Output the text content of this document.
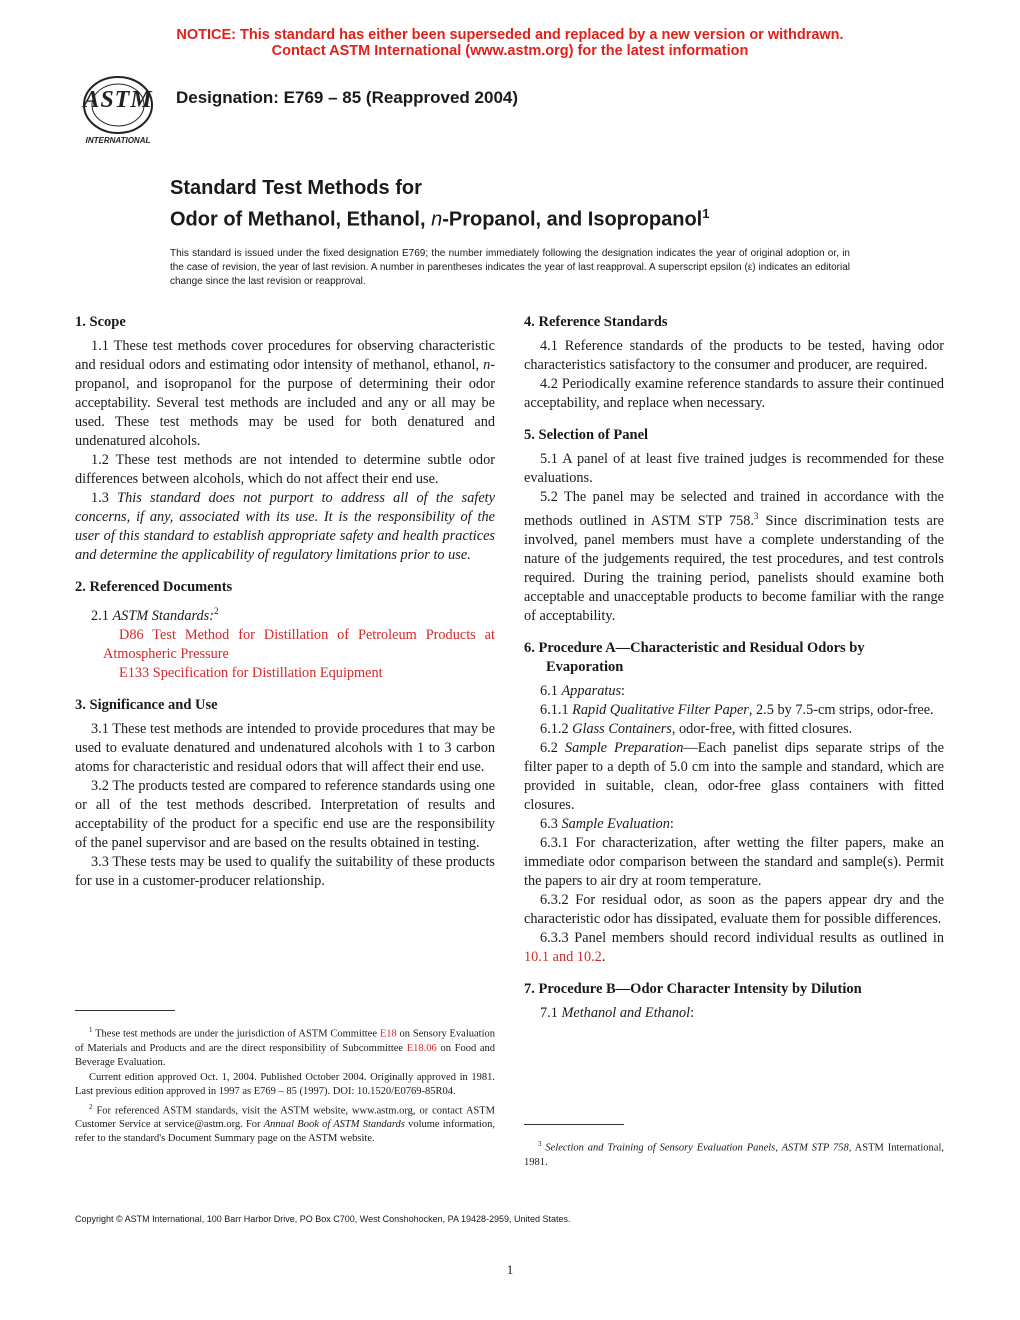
NOTICE: This standard has either been superseded and replaced by a new version or withdrawn.
Contact ASTM International (www.astm.org) for the latest information
ASTM
INTERNATIONAL
Designation: E769 – 85 (Reapproved 2004)
Standard Test Methods for
Odor of Methanol, Ethanol, n-Propanol, and Isopropanol$^1$
This standard is issued under the fixed designation E769; the number immediately following the designation indicates the year of original adoption or, in the case of revision, the year of last revision. A number in parentheses indicates the year of last reapproval. A superscript epsilon (ε) indicates an editorial change since the last revision or reapproval.
1. Scope

1.1 These test methods cover procedures for observing characteristic and residual odors and estimating odor intensity of methanol, ethanol, n-propanol, and isopropanol for the purpose of determining their odor acceptability. Several test methods are included and any or all may be used. These test methods may be used for both denatured and undenatured alcohols.

1.2 These test methods are not intended to determine subtle odor differences between alcohols, which do not affect their end use.

1.3 This standard does not purport to address all of the safety concerns, if any, associated with its use. It is the responsibility of the user of this standard to establish appropriate safety and health practices and determine the applicability of regulatory limitations prior to use.

2. Referenced Documents

2.1 ASTM Standards:$^2$

D86 Test Method for Distillation of Petroleum Products at Atmospheric Pressure

E133 Specification for Distillation Equipment

3. Significance and Use

3.1 These test methods are intended to provide procedures that may be used to evaluate denatured and undenatured alcohols with 1 to 3 carbon atoms for characteristic and residual odors that will affect their end use.

3.2 The products tested are compared to reference standards using one or all of the test methods described. Interpretation of results and acceptability of the product for a specific end use are the responsibility of the panel supervisor and are based on the results obtained in testing.

3.3 These tests may be used to qualify the suitability of these products for use in a customer-producer relationship.

$^1$ These test methods are under the jurisdiction of ASTM Committee E18 on Sensory Evaluation of Materials and Products and are the direct responsibility of Subcommittee E18.06 on Food and Beverage Evaluation.

Current edition approved Oct. 1, 2004. Published October 2004. Originally approved in 1981. Last previous edition approved in 1997 as E769 – 85 (1997). DOI: 10.1520/E0769-85R04.

$^2$ For referenced ASTM standards, visit the ASTM website, www.astm.org, or contact ASTM Customer Service at service@astm.org. For Annual Book of ASTM Standards volume information, refer to the standard's Document Summary page on the ASTM website.

4. Reference Standards

4.1 Reference standards of the products to be tested, having odor characteristics satisfactory to the consumer and producer, are required.

4.2 Periodically examine reference standards to assure their continued acceptability, and replace when necessary.

5. Selection of Panel

5.1 A panel of at least five trained judges is recommended for these evaluations.

5.2 The panel may be selected and trained in accordance with the methods outlined in ASTM STP 758.$^3$ Since discrimination tests are involved, panel members must have a complete understanding of the nature of the judgements required, the test procedures, and test controls required. During the training period, panelists should examine both acceptable and unacceptable products to become familiar with the range of acceptability.

6. Procedure A—Characteristic and Residual Odors by Evaporation

6.1 Apparatus:

6.1.1 Rapid Qualitative Filter Paper, 2.5 by 7.5-cm strips, odor-free.

6.1.2 Glass Containers, odor-free, with fitted closures.

6.2 Sample Preparation—Each panelist dips separate strips of the filter paper to a depth of 5.0 cm into the sample and standard, which are provided in suitable, clean, odor-free glass containers with fitted closures.

6.3 Sample Evaluation:

6.3.1 For characterization, after wetting the filter papers, make an immediate odor comparison between the standard and sample(s). Permit the papers to air dry at room temperature.

6.3.2 For residual odor, as soon as the papers appear dry and the characteristic odor has dissipated, evaluate them for possible differences.

6.3.3 Panel members should record individual results as outlined in 10.1 and 10.2.

7. Procedure B—Odor Character Intensity by Dilution

7.1 Methanol and Ethanol:

$^3$ Selection and Training of Sensory Evaluation Panels, ASTM STP 758, ASTM International, 1981.

Copyright © ASTM International, 100 Barr Harbor Drive, PO Box C700, West Conshohocken, PA 19428-2959, United States.
1
